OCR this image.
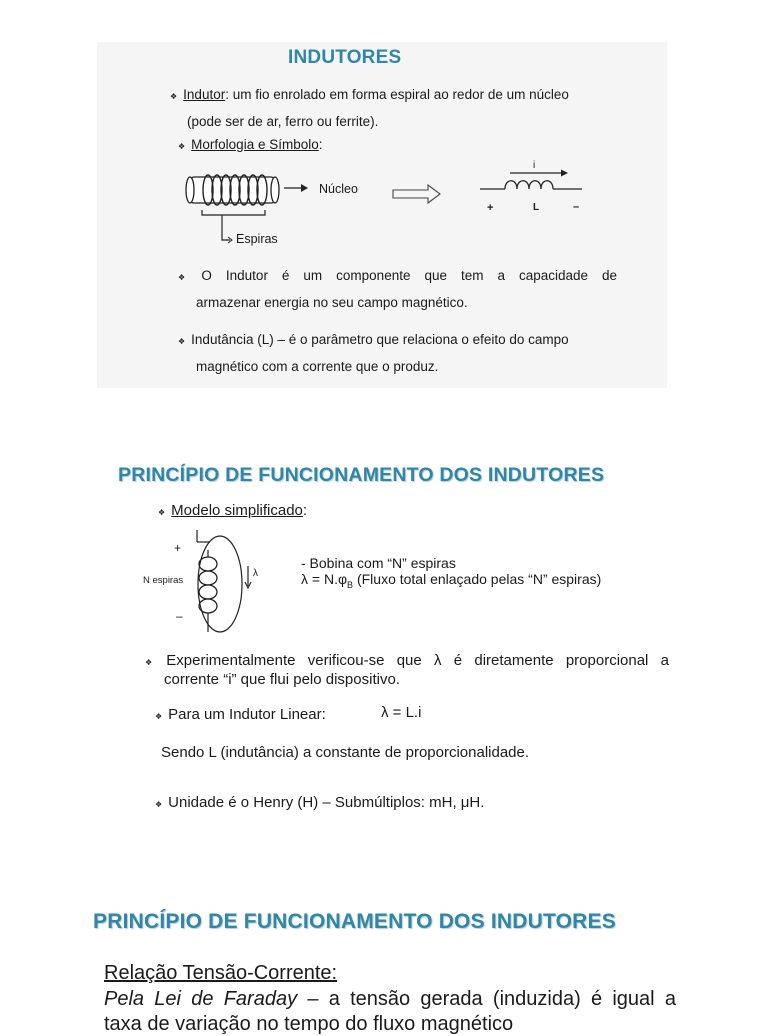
INDUTORES
❖ Indutor: um fio enrolado em forma espiral ao redor de um núcleo
(pode ser de ar, ferro ou ferrite).
❖ Morfologia e Símbolo:
Núcleo
Espiras
i
+	L	–
❖ O Indutor é um componente que tem a capacidade de
armazenar energia no seu campo magnético.
❖ Indutância (L) – é o parâmetro que relaciona o efeito do campo
magnético com a corrente que o produz.
PRINCÍPIO DE FUNCIONAMENTO DOS INDUTORES
❖ Modelo simplificado:
+
–
N espiras
λ
- Bobina com “N” espiras
$\lambda = N.\varphi_B$ (Fluxo total enlaçado pelas “N” espiras)
❖ Experimentalmente verificou-se que λ é diretamente proporcional a
corrente “i” que flui pelo dispositivo.
❖ Para um Indutor Linear:	λ = L.i
Sendo L (indutância) a constante de proporcionalidade.
❖ Unidade é o Henry (H) – Submúltiplos: mH, μH.
PRINCÍPIO DE FUNCIONAMENTO DOS INDUTORES
Relação Tensão-Corrente:
Pela Lei de Faraday – a tensão gerada (induzida) é igual a
taxa de variação no tempo do fluxo magnético
